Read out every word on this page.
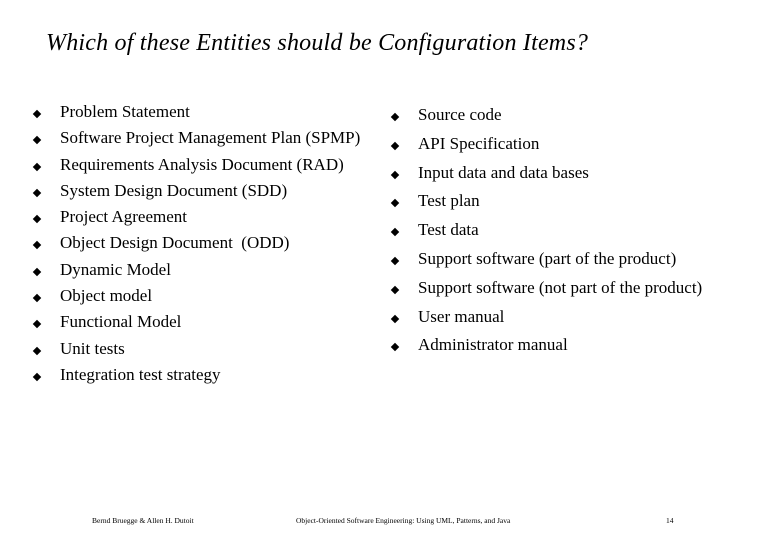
Which of these Entities should be Configuration Items?
Problem Statement
Software Project Management Plan (SPMP)
Requirements Analysis Document (RAD)
System Design Document (SDD)
Project Agreement
Object Design Document  (ODD)
Dynamic Model
Object model
Functional Model
Unit tests
Integration test strategy
Source code
API Specification
Input data and data bases
Test plan
Test data
Support software (part of the product)
Support software (not part of the product)
User manual
Administrator manual
Bernd Bruegge & Allen H. Dutoit	Object-Oriented Software Engineering: Using UML, Patterns, and Java	14
